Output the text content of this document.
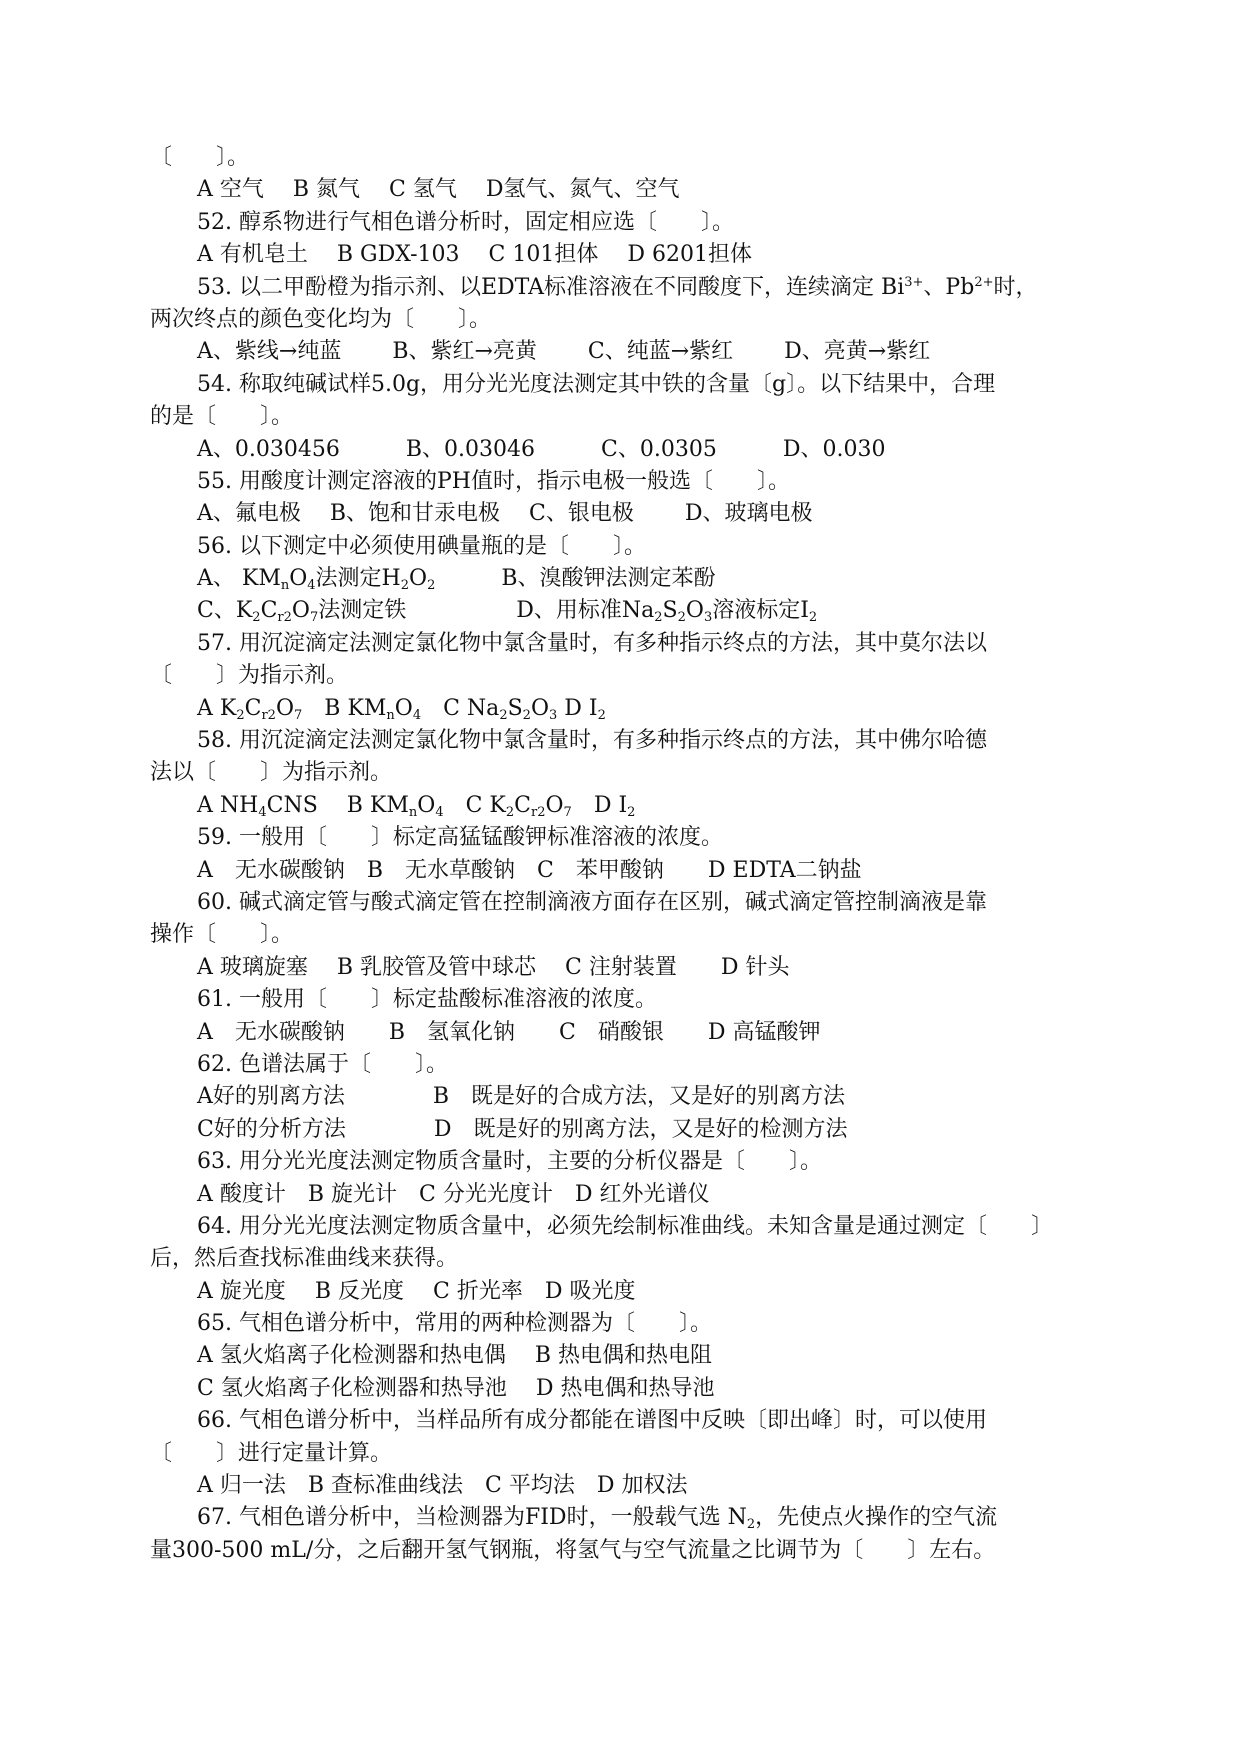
〔　　〕。
A 空气　 B 氮气　 C 氢气　 D氢气、氮气、空气
52. 醇系物进行气相色谱分析时，固定相应选〔　　〕。
A 有机皂土　 B GDX-103　 C 101担体　 D 6201担体
53. 以二甲酚橙为指示剂、以EDTA标准溶液在不同酸度下，连续滴定 $Bi^{3+}$、$Pb^{2+}$时，
两次终点的颜色变化均为〔　　〕。
A、紫线→纯蓝　　 B、紫红→亮黄　　 C、纯蓝→紫红　　 D、亮黄→紫红
54. 称取纯碱试样5.0g，用分光光度法测定其中铁的含量〔g〕。以下结果中，合理
的是〔　　〕。
A、0.030456　　　B、0.03046　　　C、0.0305　　　D、0.030
55. 用酸度计测定溶液的PH值时，指示电极一般选〔　　〕。
A、氟电极　 B、饱和甘汞电极　 C、银电极　　 D、玻璃电极
56. 以下测定中必须使用碘量瓶的是〔　　〕。
A、 $KM_nO_4$法测定$H_2O_2$　　　B、溴酸钾法测定苯酚
C、$K_2C_{r2}O_7$法测定铁　　　　　D、用标准$Na_2S_2O_3$溶液标定$I_2$
57. 用沉淀滴定法测定氯化物中氯含量时，有多种指示终点的方法，其中莫尔法以
〔　　〕为指示剂。
A $K_2C_{r2}O_7$　B $KM_nO_4$　C $Na_2S_2O_3$ D $I_2$
58. 用沉淀滴定法测定氯化物中氯含量时，有多种指示终点的方法，其中佛尔哈德
法以〔　　〕为指示剂。
A $NH_4CNS$　 B $KM_nO_4$　C $K_2C_{r2}O_7$　D $I_2$
59. 一般用〔　　〕标定高猛锰酸钾标准溶液的浓度。
A　无水碳酸钠　B　无水草酸钠　C　苯甲酸钠　　D EDTA二钠盐
60. 碱式滴定管与酸式滴定管在控制滴液方面存在区别，碱式滴定管控制滴液是靠
操作〔　　〕。
A 玻璃旋塞　 B 乳胶管及管中球芯　 C 注射装置　　D 针头
61. 一般用〔　　〕标定盐酸标准溶液的浓度。
A　无水碳酸钠　　B　氢氧化钠　　C　硝酸银　　D 高锰酸钾
62. 色谱法属于〔　　〕。
A好的别离方法　　　　B　既是好的合成方法，又是好的别离方法
C好的分析方法　　　　D　既是好的别离方法，又是好的检测方法
63. 用分光光度法测定物质含量时，主要的分析仪器是〔　　〕。
A 酸度计　B 旋光计　C 分光光度计　D 红外光谱仪
64. 用分光光度法测定物质含量中，必须先绘制标准曲线。未知含量是通过测定〔　　〕
后，然后查找标准曲线来获得。
A 旋光度　 B 反光度　 C 折光率　D 吸光度
65. 气相色谱分析中，常用的两种检测器为〔　　〕。
A 氢火焰离子化检测器和热电偶　 B 热电偶和热电阻
C 氢火焰离子化检测器和热导池　 D 热电偶和热导池
66. 气相色谱分析中，当样品所有成分都能在谱图中反映〔即出峰〕时，可以使用
〔　　〕进行定量计算。
A 归一法　B 查标准曲线法　C 平均法　D 加权法
67. 气相色谱分析中，当检测器为FID时，一般载气选 $N_2$，先使点火操作的空气流
量300-500 mL/分，之后翻开氢气钢瓶，将氢气与空气流量之比调节为〔　　〕左右。
